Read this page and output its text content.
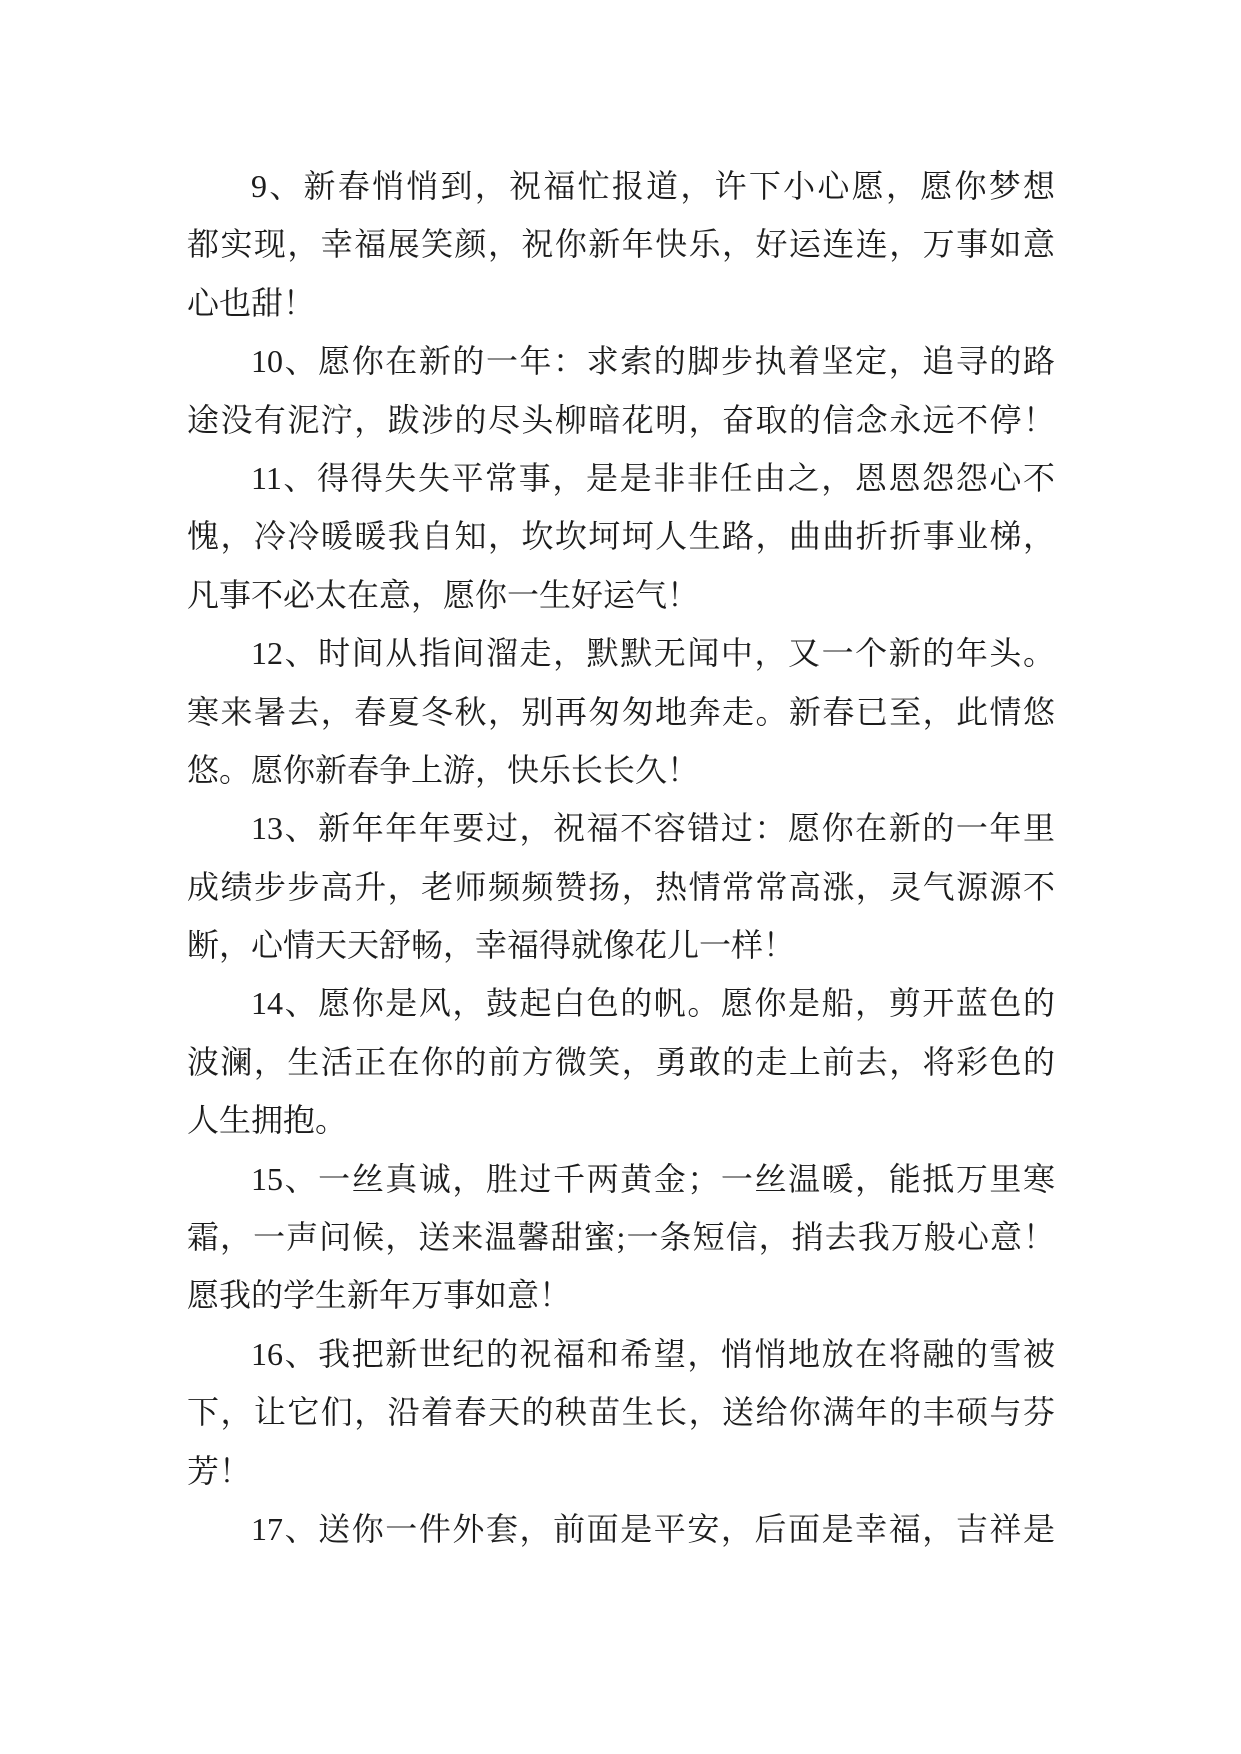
9、新春悄悄到，祝福忙报道，许下小心愿，愿你梦想
都实现，幸福展笑颜，祝你新年快乐，好运连连，万事如意
心也甜！
10、愿你在新的一年：求索的脚步执着坚定，追寻的路
途没有泥泞，跋涉的尽头柳暗花明，奋取的信念永远不停！
11、得得失失平常事，是是非非任由之，恩恩怨怨心不
愧，冷冷暖暖我自知，坎坎坷坷人生路，曲曲折折事业梯，
凡事不必太在意，愿你一生好运气！
12、时间从指间溜走，默默无闻中，又一个新的年头。
寒来暑去，春夏冬秋，别再匆匆地奔走。新春已至，此情悠
悠。愿你新春争上游，快乐长长久！
13、新年年年要过，祝福不容错过：愿你在新的一年里
成绩步步高升，老师频频赞扬，热情常常高涨，灵气源源不
断，心情天天舒畅，幸福得就像花儿一样！
14、愿你是风，鼓起白色的帆。愿你是船，剪开蓝色的
波澜，生活正在你的前方微笑，勇敢的走上前去，将彩色的
人生拥抱。
15、一丝真诚，胜过千两黄金；一丝温暖，能抵万里寒
霜，一声问候，送来温馨甜蜜;一条短信，捎去我万般心意！
愿我的学生新年万事如意！
16、我把新世纪的祝福和希望，悄悄地放在将融的雪被
下，让它们，沿着春天的秧苗生长，送给你满年的丰硕与芬
芳！
17、送你一件外套，前面是平安，后面是幸福，吉祥是
